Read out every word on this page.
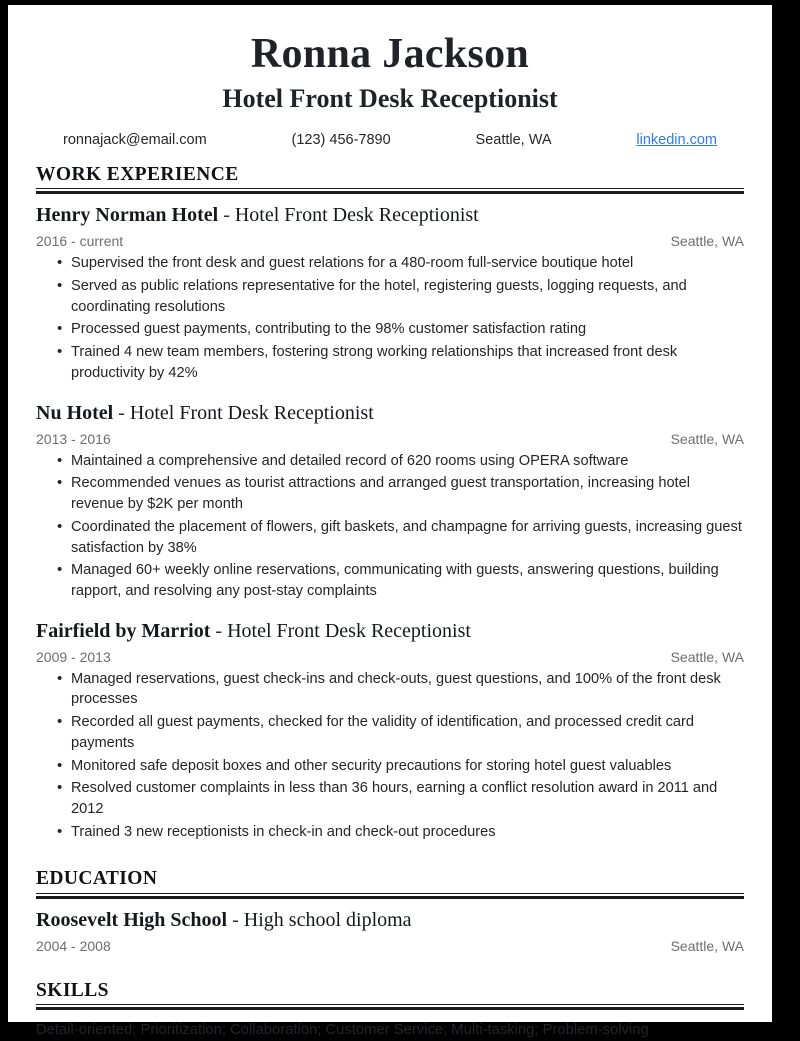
Ronna Jackson
Hotel Front Desk Receptionist
ronnajack@email.com	(123) 456-7890	Seattle, WA	linkedin.com
WORK EXPERIENCE
Henry Norman Hotel - Hotel Front Desk Receptionist
2016 - current	Seattle, WA
• Supervised the front desk and guest relations for a 480-room full-service boutique hotel
• Served as public relations representative for the hotel, registering guests, logging requests, and coordinating resolutions
• Processed guest payments, contributing to the 98% customer satisfaction rating
• Trained 4 new team members, fostering strong working relationships that increased front desk productivity by 42%
Nu Hotel - Hotel Front Desk Receptionist
2013 - 2016	Seattle, WA
• Maintained a comprehensive and detailed record of 620 rooms using OPERA software
• Recommended venues as tourist attractions and arranged guest transportation, increasing hotel revenue by $2K per month
• Coordinated the placement of flowers, gift baskets, and champagne for arriving guests, increasing guest satisfaction by 38%
• Managed 60+ weekly online reservations, communicating with guests, answering questions, building rapport, and resolving any post-stay complaints
Fairfield by Marriot - Hotel Front Desk Receptionist
2009 - 2013	Seattle, WA
• Managed reservations, guest check-ins and check-outs, guest questions, and 100% of the front desk processes
• Recorded all guest payments, checked for the validity of identification, and processed credit card payments
• Monitored safe deposit boxes and other security precautions for storing hotel guest valuables
• Resolved customer complaints in less than 36 hours, earning a conflict resolution award in 2011 and 2012
• Trained 3 new receptionists in check-in and check-out procedures
EDUCATION
Roosevelt High School - High school diploma
2004 - 2008	Seattle, WA
SKILLS
Detail-oriented; Prioritization; Collaboration; Customer Service; Multi-tasking; Problem-solving
